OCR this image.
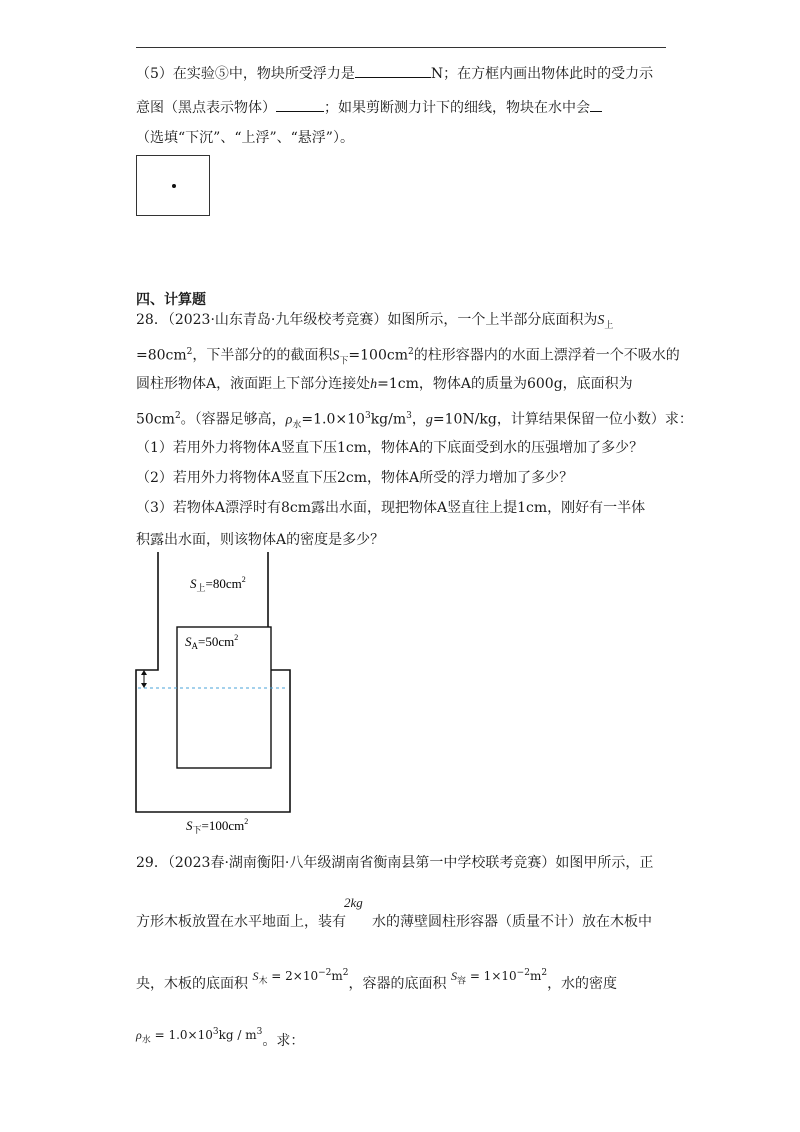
（5）在实验⑤中，物块所受浮力是	N；在方框内画出物体此时的受力示
意图（黑点表示物体）	；如果剪断测力计下的细线，物块在水中会
（选填“下沉”、“上浮”、“悬浮”）。
四、计算题
28．（2023·山东青岛·九年级校考竞赛）如图所示，一个上半部分底面积为$S_上$
$=80cm^2$，下半部分的的截面积$S_下=100cm^2$的柱形容器内的水面上漂浮着一个不吸水的
圆柱形物体A，液面距上下部分连接处h=1cm，物体A的质量为600g，底面积为
$50cm^2$。（容器足够高，$\rho_水=1.0\times 10^3kg/m^3$，g=10N/kg，计算结果保留一位小数）求：
（1）若用外力将物体A竖直下压1cm，物体A的下底面受到水的压强增加了多少？
（2）若用外力将物体A竖直下压2cm，物体A所受的浮力增加了多少？
（3）若物体A漂浮时有8cm露出水面，现把物体A竖直往上提1cm，刚好有一半体
积露出水面，则该物体A的密度是多少？
$S_上=80cm^2$
$S_A=50cm^2$
$S_下=100cm^2$
29．（2023春·湖南衡阳·八年级湖南省衡南县第一中学校联考竞赛）如图甲所示，正
2kg
方形木板放置在水平地面上，装有 水的薄壁圆柱形容器（质量不计）放在木板中
央，木板的底面积 $S_木 = 2\times 10^{-2}m^2$，容器的底面积 $S_容 = 1\times 10^{-2}m^2$，水的密度
$\rho_水 = 1.0\times 10^3kg / m^3$。求：
